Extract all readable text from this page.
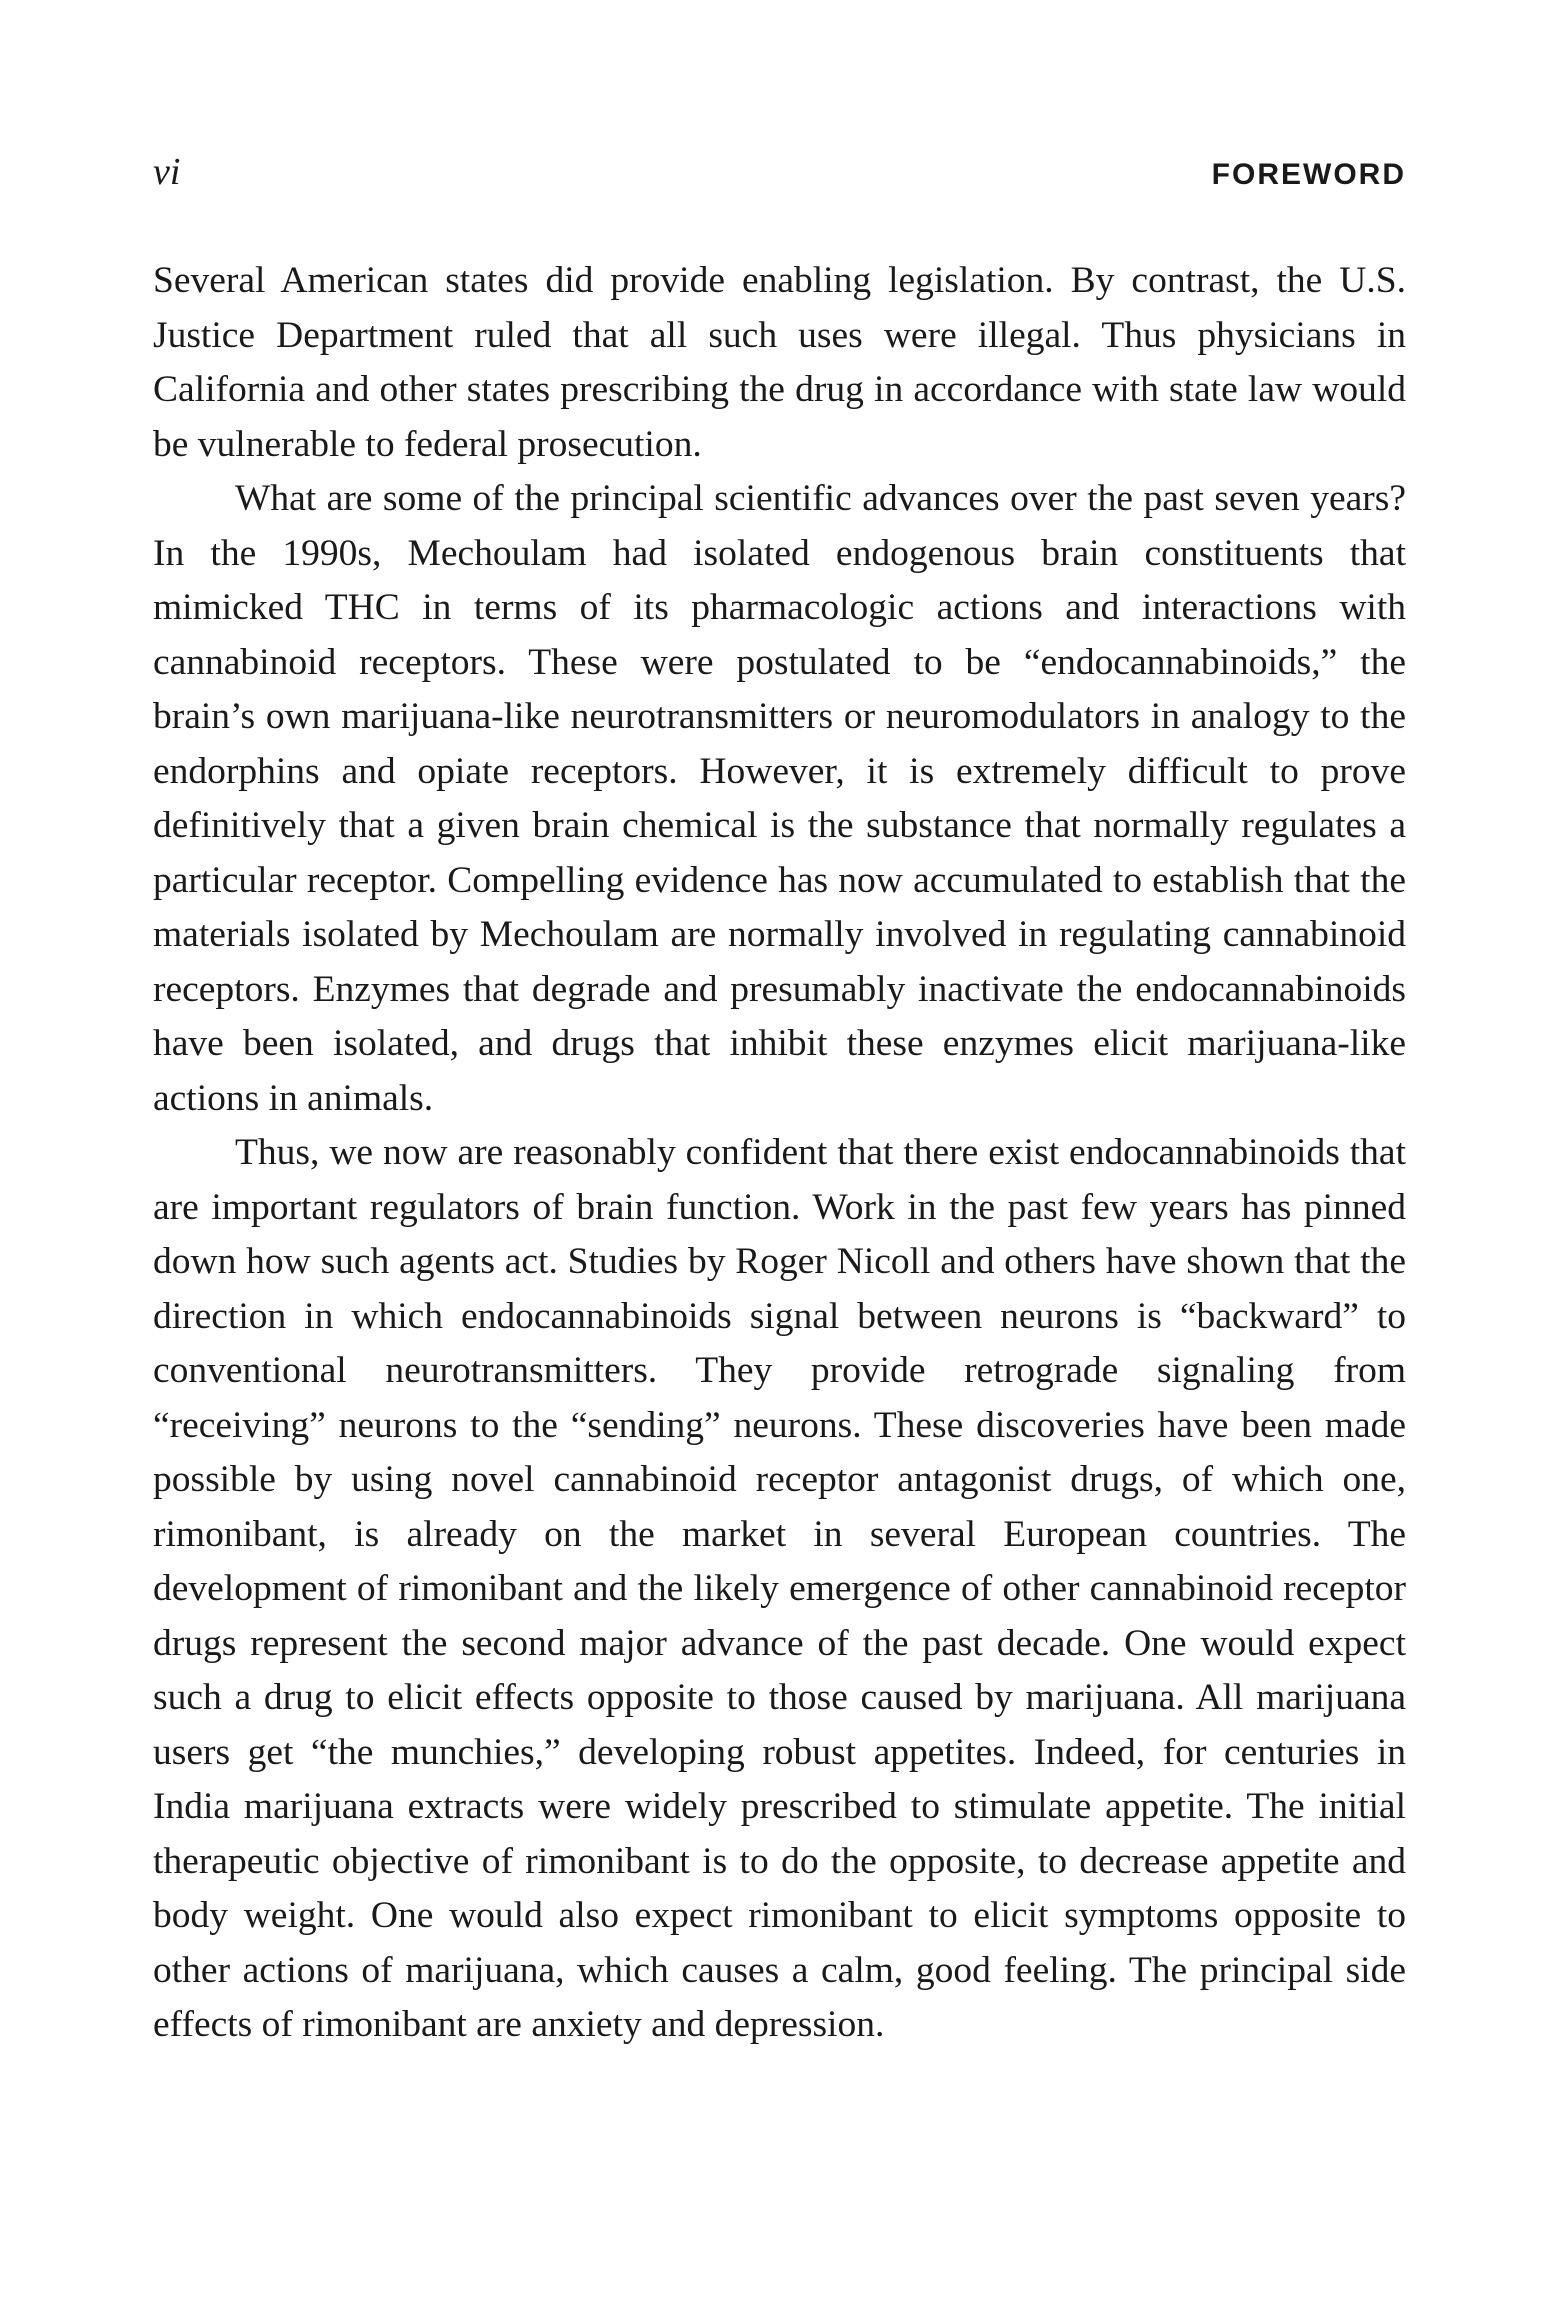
vi	FOREWORD

Several American states did provide enabling legislation. By contrast, the U.S. Justice Department ruled that all such uses were illegal. Thus physicians in California and other states prescribing the drug in accordance with state law would be vulnerable to federal prosecution.

What are some of the principal scientific advances over the past seven years? In the 1990s, Mechoulam had isolated endogenous brain constituents that mimicked THC in terms of its pharmacologic actions and interactions with cannabinoid receptors. These were postulated to be “endocannabinoids,” the brain’s own marijuana-like neurotransmitters or neuromodulators in analogy to the endorphins and opiate receptors. However, it is extremely difficult to prove definitively that a given brain chemical is the substance that normally regulates a particular receptor. Compelling evidence has now accumulated to establish that the materials isolated by Mechoulam are normally involved in regulating cannabinoid receptors. Enzymes that degrade and presumably inactivate the endocannabinoids have been isolated, and drugs that inhibit these enzymes elicit marijuana-like actions in animals.

Thus, we now are reasonably confident that there exist endocannabinoids that are important regulators of brain function. Work in the past few years has pinned down how such agents act. Studies by Roger Nicoll and others have shown that the direction in which endocannabinoids signal between neurons is “backward” to conventional neurotransmitters. They provide retrograde signaling from “receiving” neurons to the “sending” neurons. These discoveries have been made possible by using novel cannabinoid receptor antagonist drugs, of which one, rimonibant, is already on the market in several European countries. The development of rimonibant and the likely emergence of other cannabinoid receptor drugs represent the second major advance of the past decade. One would expect such a drug to elicit effects opposite to those caused by marijuana. All marijuana users get “the munchies,” developing robust appetites. Indeed, for centuries in India marijuana extracts were widely prescribed to stimulate appetite. The initial therapeutic objective of rimonibant is to do the opposite, to decrease appetite and body weight. One would also expect rimonibant to elicit symptoms opposite to other actions of marijuana, which causes a calm, good feeling. The principal side effects of rimonibant are anxiety and depression.
